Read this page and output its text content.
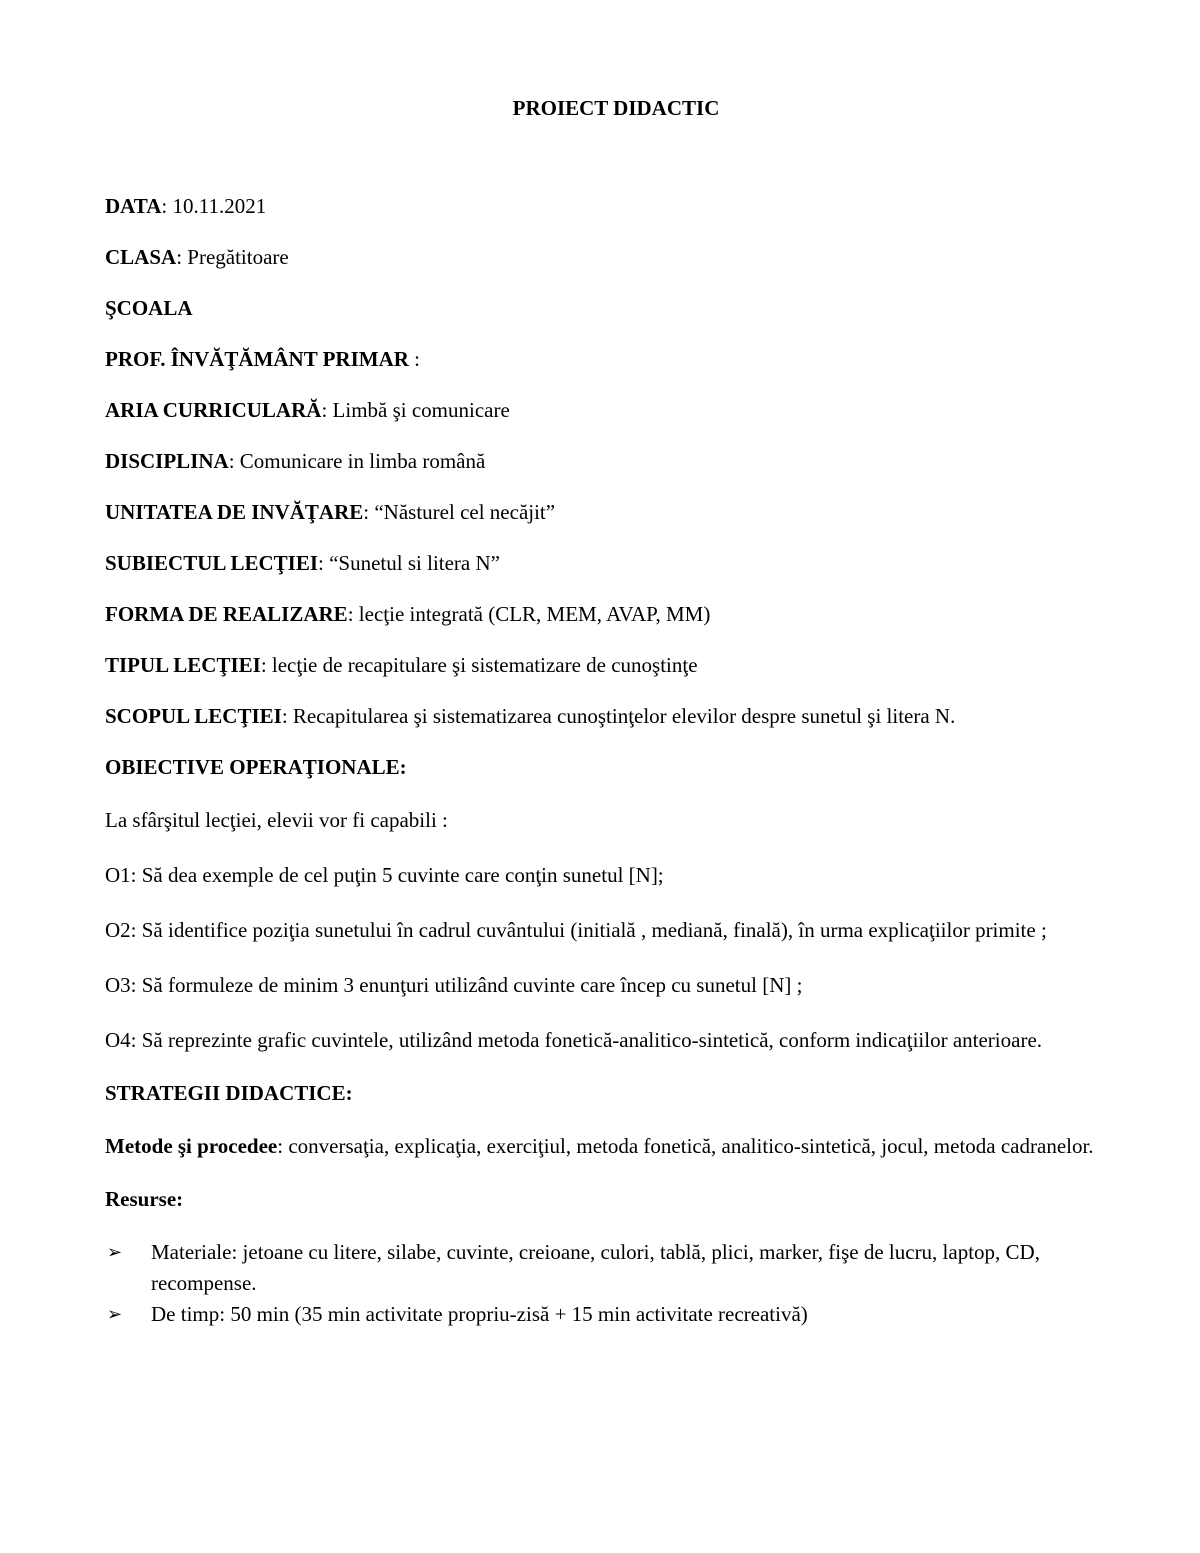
PROIECT DIDACTIC
DATA: 10.11.2021
CLASA: Pregătitoare
ŞCOALA
PROF. ÎNVĂŢĂMÂNT PRIMAR :
ARIA CURRICULARĂ: Limbă şi comunicare
DISCIPLINA: Comunicare in limba română
UNITATEA DE INVĂŢARE: “Năsturel cel necăjit”
SUBIECTUL LECŢIEI: “Sunetul si litera N”
FORMA DE REALIZARE: lecţie integrată (CLR, MEM, AVAP, MM)
TIPUL LECŢIEI: lecţie de recapitulare şi sistematizare de cunoştinţe
SCOPUL LECŢIEI: Recapitularea şi sistematizarea cunoştinţelor elevilor despre sunetul şi litera N.
OBIECTIVE OPERAŢIONALE:
La sfârşitul lecţiei, elevii vor fi capabili :
O1: Să dea exemple de cel puţin 5 cuvinte care conţin sunetul [N];
O2: Să identifice poziţia sunetului în cadrul cuvântului (initială , mediană, finală), în urma explicaţiilor primite ;
O3: Să formuleze de minim 3 enunţuri utilizând cuvinte care încep cu sunetul [N] ;
O4: Să reprezinte grafic cuvintele, utilizând metoda fonetică-analitico-sintetică, conform indicaţiilor anterioare.
STRATEGII DIDACTICE:
Metode şi procedee: conversaţia, explicaţia, exerciţiul, metoda fonetică, analitico-sintetică, jocul, metoda cadranelor.
Resurse:
➢ Materiale: jetoane cu litere, silabe, cuvinte, creioane, culori, tablă, plici, marker, fişe de lucru, laptop, CD, recompense.
➢ De timp: 50 min (35 min activitate propriu-zisă + 15 min activitate recreativă)
